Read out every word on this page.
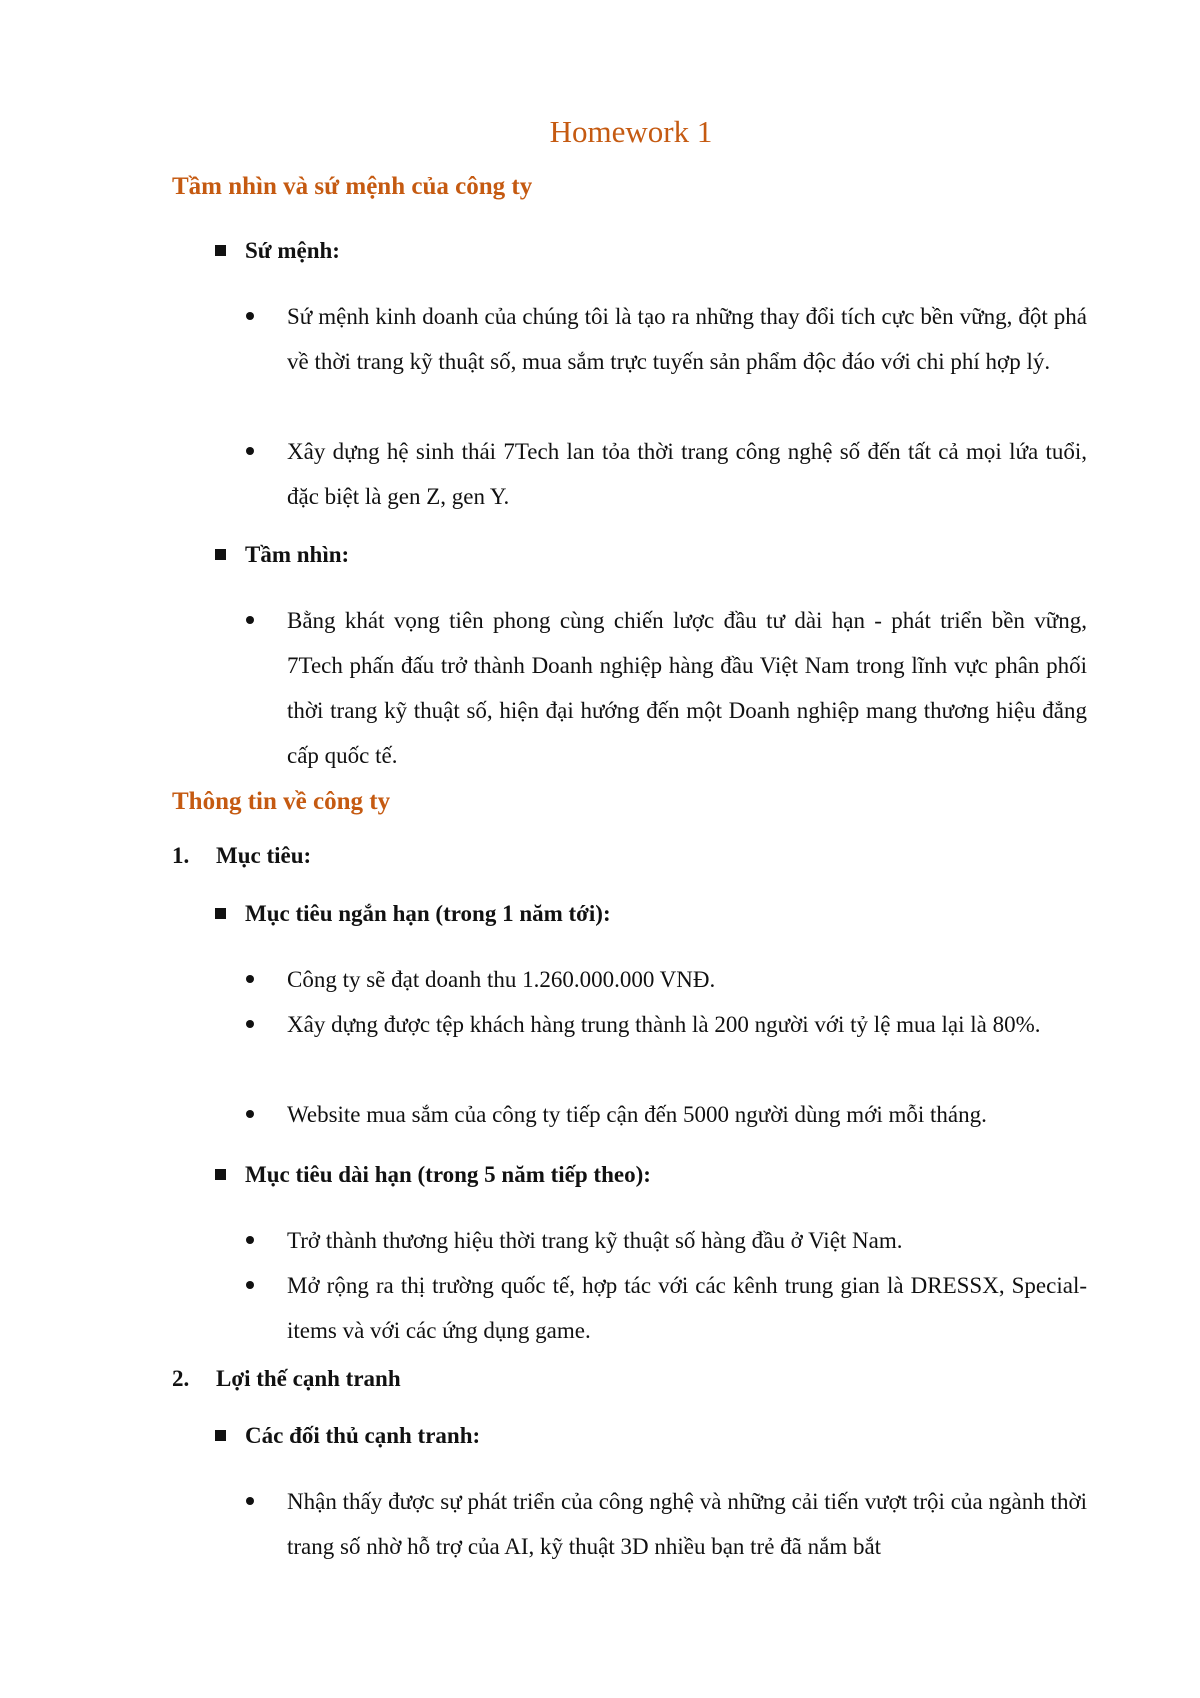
Homework 1
Tầm nhìn và sứ mệnh của công ty
Sứ mệnh:
Sứ mệnh kinh doanh của chúng tôi là tạo ra những thay đổi tích cực bền vững, đột phá về thời trang kỹ thuật số, mua sắm trực tuyến sản phẩm độc đáo với chi phí hợp lý.
Xây dựng hệ sinh thái 7Tech lan tỏa thời trang công nghệ số đến tất cả mọi lứa tuổi, đặc biệt là gen Z, gen Y.
Tầm nhìn:
Bằng khát vọng tiên phong cùng chiến lược đầu tư dài hạn - phát triển bền vững, 7Tech phấn đấu trở thành Doanh nghiệp hàng đầu Việt Nam trong lĩnh vực phân phối thời trang kỹ thuật số, hiện đại hướng đến một Doanh nghiệp mang thương hiệu đẳng cấp quốc tế.
Thông tin về công ty
1. Mục tiêu:
Mục tiêu ngắn hạn (trong 1 năm tới):
Công ty sẽ đạt doanh thu 1.260.000.000 VNĐ.
Xây dựng được tệp khách hàng trung thành là 200 người với tỷ lệ mua lại là 80%.
Website mua sắm của công ty tiếp cận đến 5000 người dùng mới mỗi tháng.
Mục tiêu dài hạn (trong 5 năm tiếp theo):
Trở thành thương hiệu thời trang kỹ thuật số hàng đầu ở Việt Nam.
Mở rộng ra thị trường quốc tế, hợp tác với các kênh trung gian là DRESSX, Special-items và với các ứng dụng game.
2. Lợi thế cạnh tranh
Các đối thủ cạnh tranh:
Nhận thấy được sự phát triển của công nghệ và những cải tiến vượt trội của ngành thời trang số nhờ hỗ trợ của AI, kỹ thuật 3D nhiều bạn trẻ đã nắm bắt
